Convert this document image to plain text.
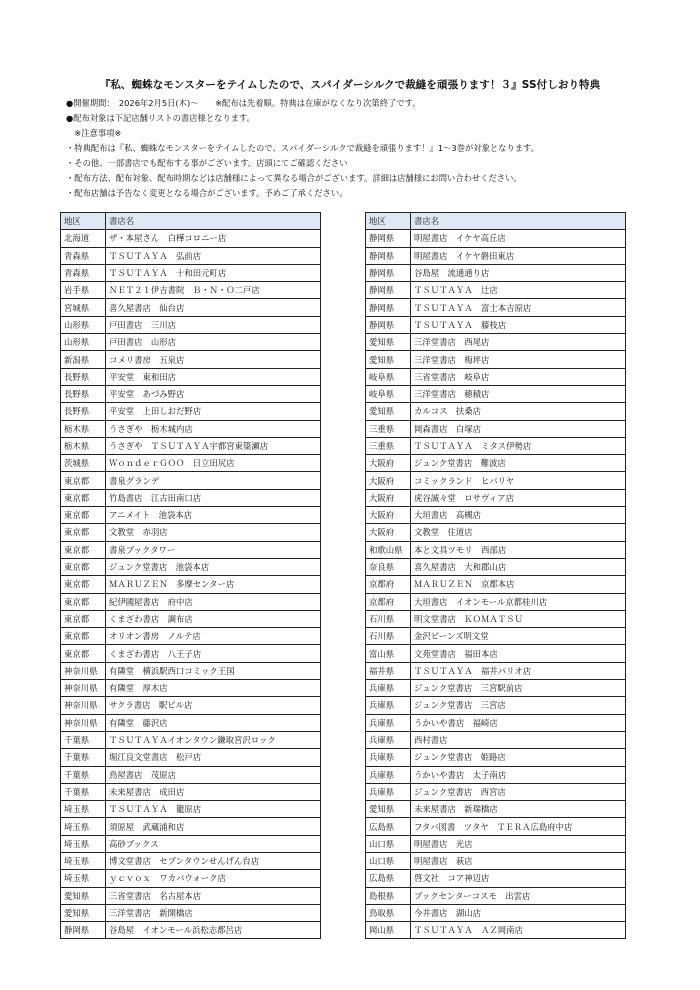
『私、蜘蛛なモンスターをテイムしたので、スパイダーシルクで裁縫を頑張ります！３』SS付しおり特典
●開催期間：　2026年2月5日(木)～　　※配布は先着順。特典は在庫がなくなり次第終了です。
●配布対象は下記店舗リストの書店様となります。
　※注意事項※
・特典配布は『私、蜘蛛なモンスターをテイムしたので、スパイダーシルクで裁縫を頑張ります！』1～3巻が対象となります。
・その他、一部書店でも配布する事がございます。店頭にてご確認ください
・配布方法、配布対象、配布時期などは店舗様によって異なる場合がございます。詳細は店舗様にお問い合わせください。
・配布店舗は予告なく変更となる場合がございます。予めご了承ください。
地区	書店名
北海道	ザ・本屋さん　白樺コロニー店
青森県	ＴＳＵＴＡＹＡ　弘前店
青森県	ＴＳＵＴＡＹＡ　十和田元町店
岩手県	ＮＥＴ２１伊吉書院　Ｂ・Ｎ・Ｏ二戸店
宮城県	喜久屋書店　仙台店
山形県	戸田書店　三川店
山形県	戸田書店　山形店
新潟県	コメリ書房　五泉店
長野県	平安堂　東和田店
長野県	平安堂　あづみ野店
長野県	平安堂　上田しおだ野店
栃木県	うさぎや　栃木城内店
栃木県	うさぎや　ＴＳＵＴＡＹＡ宇都宮東簗瀬店
茨城県	ＷｏｎｄｅｒＧＯＯ　日立田尻店
東京都	書泉グランデ
東京都	竹島書店　江古田南口店
東京都	アニメイト　池袋本店
東京都	文教堂　赤羽店
東京都	書泉ブックタワー
東京都	ジュンク堂書店　池袋本店
東京都	ＭＡＲＵＺＥＮ　多摩センター店
東京都	紀伊國屋書店　府中店
東京都	くまざわ書店　調布店
東京都	オリオン書房　ノルテ店
東京都	くまざわ書店　八王子店
神奈川県	有隣堂　横浜駅西口コミック王国
神奈川県	有隣堂　厚木店
神奈川県	サクラ書店　駅ビル店
神奈川県	有隣堂　藤沢店
千葉県	ＴＳＵＴＡＹＡイオンタウン鎌取宮沢ロック
千葉県	堀江良文堂書店　松戸店
千葉県	鳥屋書店　茂原店
千葉県	未来屋書店　成田店
埼玉県	ＴＳＵＴＡＹＡ　籠原店
埼玉県	須原屋　武蔵浦和店
埼玉県	高砂ブックス
埼玉県	博文堂書店　セブンタウンせんげん台店
埼玉県	ｙｃｖｏｘ　ワカバウォーク店
愛知県	三省堂書店　名古屋本店
愛知県	三洋堂書店　新開橋店
静岡県	谷島屋　イオンモール浜松志都呂店
地区	書店名
静岡県	明屋書店　イケヤ高丘店
静岡県	明屋書店　イケヤ磐田東店
静岡県	谷島屋　流通通り店
静岡県	ＴＳＵＴＡＹＡ　辻店
静岡県	ＴＳＵＴＡＹＡ　富士本吉原店
静岡県	ＴＳＵＴＡＹＡ　藤枝店
愛知県	三洋堂書店　西尾店
愛知県	三洋堂書店　梅坪店
岐阜県	三省堂書店　岐阜店
岐阜県	三洋堂書店　穂積店
愛知県	カルコス　扶桑店
三重県	岡森書店　白塚店
三重県	ＴＳＵＴＡＹＡ　ミタス伊勢店
大阪府	ジュンク堂書店　難波店
大阪府	コミックランド　ヒバリヤ
大阪府	虎谷誠々堂　ロサヴィア店
大阪府	大垣書店　高槻店
大阪府	文教堂　住道店
和歌山県	本と文具ツモリ　西部店
奈良県	喜久屋書店　大和郡山店
京都府	ＭＡＲＵＺＥＮ　京都本店
京都府	大垣書店　イオンモール京都桂川店
石川県	明文堂書店　ＫＯＭＡＴＳＵ
石川県	金沢ビーンズ明文堂
富山県	文苑堂書店　福田本店
福井県	ＴＳＵＴＡＹＡ　福井パリオ店
兵庫県	ジュンク堂書店　三宮駅前店
兵庫県	ジュンク堂書店　三宮店
兵庫県	うかいや書店　福崎店
兵庫県	西村書店
兵庫県	ジュンク堂書店　姫路店
兵庫県	うかいや書店　太子南店
兵庫県	ジュンク堂書店　西宮店
愛知県	未来屋書店　新瑞橋店
広島県	フタバ図書　ツタヤ　ＴＥＲＡ広島府中店
山口県	明屋書店　光店
山口県	明屋書店　萩店
広島県	啓文社　コア神辺店
島根県	ブックセンターコスモ　出雲店
鳥取県	今井書店　湖山店
岡山県	ＴＳＵＴＡＹＡ　ＡＺ岡南店
